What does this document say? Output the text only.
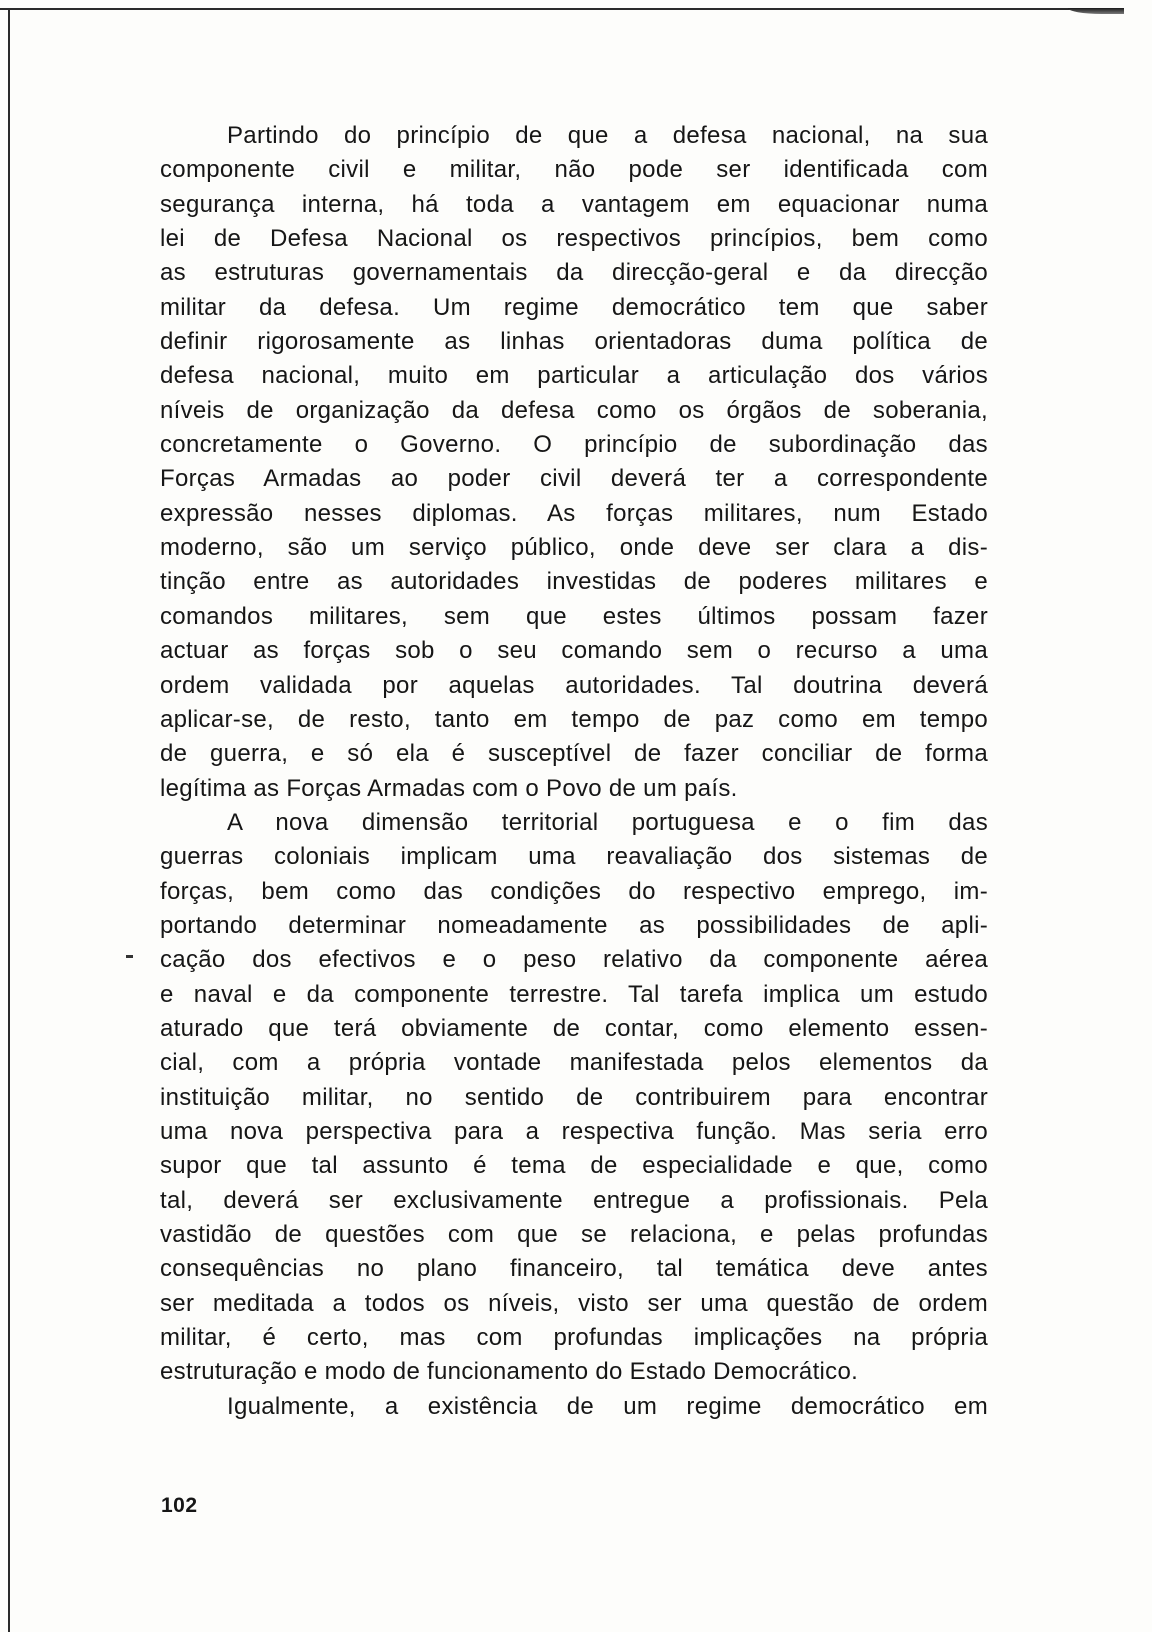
Partindo do princípio de que a defesa nacional, na sua
componente civil e militar, não pode ser identificada com
segurança interna, há toda a vantagem em equacionar numa
lei de Defesa Nacional os respectivos princípios, bem como
as estruturas governamentais da direcção-geral e da direcção
militar da defesa. Um regime democrático tem que saber
definir rigorosamente as linhas orientadoras duma política de
defesa nacional, muito em particular a articulação dos vários
níveis de organização da defesa como os órgãos de soberania,
concretamente o Governo. O princípio de subordinação das
Forças Armadas ao poder civil deverá ter a correspondente
expressão nesses diplomas. As forças militares, num Estado
moderno, são um serviço público, onde deve ser clara a dis-
tinção entre as autoridades investidas de poderes militares e
comandos militares, sem que estes últimos possam fazer
actuar as forças sob o seu comando sem o recurso a uma
ordem validada por aquelas autoridades. Tal doutrina deverá
aplicar-se, de resto, tanto em tempo de paz como em tempo
de guerra, e só ela é susceptível de fazer conciliar de forma
legítima as Forças Armadas com o Povo de um país.
A nova dimensão territorial portuguesa e o fim das
guerras coloniais implicam uma reavaliação dos sistemas de
forças, bem como das condições do respectivo emprego, im-
portando determinar nomeadamente as possibilidades de apli-
cação dos efectivos e o peso relativo da componente aérea
e naval e da componente terrestre. Tal tarefa implica um estudo
aturado que terá obviamente de contar, como elemento essen-
cial, com a própria vontade manifestada pelos elementos da
instituição militar, no sentido de contribuirem para encontrar
uma nova perspectiva para a respectiva função. Mas seria erro
supor que tal assunto é tema de especialidade e que, como
tal, deverá ser exclusivamente entregue a profissionais. Pela
vastidão de questões com que se relaciona, e pelas profundas
consequências no plano financeiro, tal temática deve antes
ser meditada a todos os níveis, visto ser uma questão de ordem
militar, é certo, mas com profundas implicações na própria
estruturação e modo de funcionamento do Estado Democrático.
Igualmente, a existência de um regime democrático em
102
